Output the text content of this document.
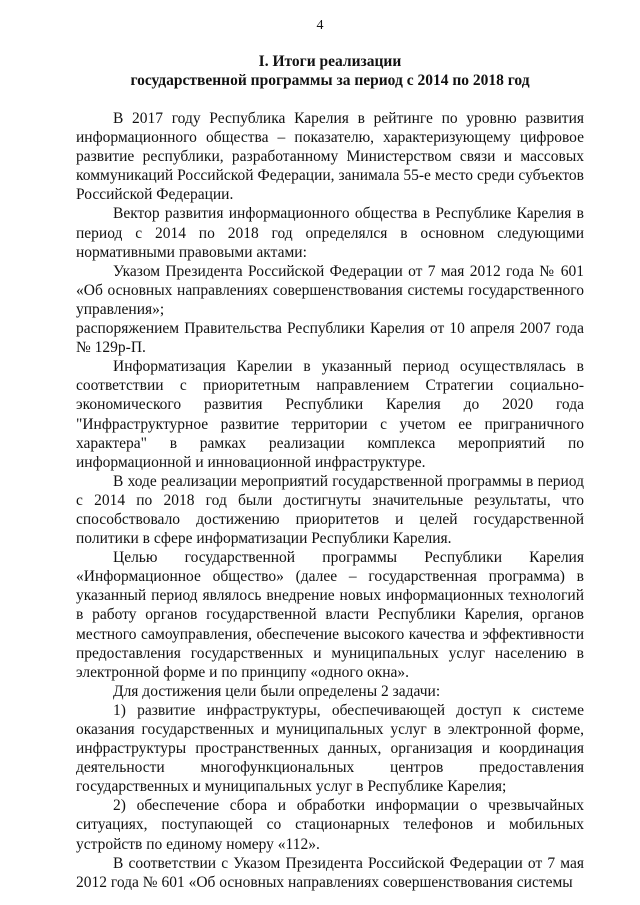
4
I. Итоги реализации
государственной программы за период с 2014 по 2018 год

В 2017 году Республика Карелия в рейтинге по уровню развития информационного общества – показателю, характеризующему цифровое развитие республики, разработанному Министерством связи и массовых коммуникаций Российской Федерации, занимала 55-е место среди субъектов Российской Федерации.

Вектор развития информационного общества в Республике Карелия в период с 2014 по 2018 год определялся в основном следующими нормативными правовыми актами:

Указом Президента Российской Федерации от 7 мая 2012 года № 601 «Об основных направлениях совершенствования системы государственного управления»;

распоряжением Правительства Республики Карелия от 10 апреля 2007 года № 129р-П.

Информатизация Карелии в указанный период осуществлялась в соответствии с приоритетным направлением Стратегии социально-экономического развития Республики Карелия до 2020 года "Инфраструктурное развитие территории с учетом ее приграничного характера" в рамках реализации комплекса мероприятий по информационной и инновационной инфраструктуре.

В ходе реализации мероприятий государственной программы в период с 2014 по 2018 год были достигнуты значительные результаты, что способствовало достижению приоритетов и целей государственной политики в сфере информатизации Республики Карелия.

Целью государственной программы Республики Карелия «Информационное общество» (далее – государственная программа) в указанный период являлось внедрение новых информационных технологий в работу органов государственной власти Республики Карелия, органов местного самоуправления, обеспечение высокого качества и эффективности предоставления государственных и муниципальных услуг населению в электронной форме и по принципу «одного окна».

Для достижения цели были определены 2 задачи:

1) развитие инфраструктуры, обеспечивающей доступ к системе оказания государственных и муниципальных услуг в электронной форме, инфраструктуры пространственных данных, организация и координация деятельности многофункциональных центров предоставления государственных и муниципальных услуг в Республике Карелия;

2) обеспечение сбора и обработки информации о чрезвычайных ситуациях, поступающей со стационарных телефонов и мобильных устройств по единому номеру «112».

В соответствии с Указом Президента Российской Федерации от 7 мая 2012 года № 601 «Об основных направлениях совершенствования системы
